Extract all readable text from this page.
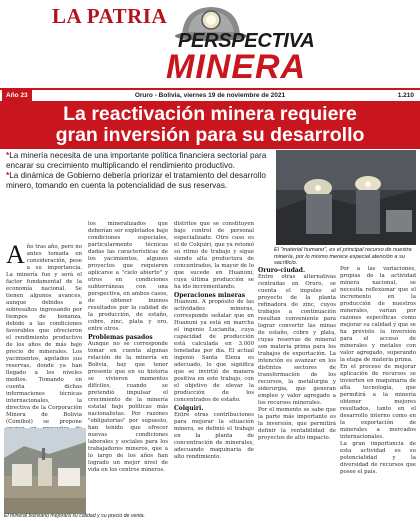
LA PATRIA
PERSPECTIVA
MINERA
Año 23	Oruro - Bolivia, viernes 19 de noviembre de 2021	1.210
La reactivación minera requiere
gran inversión para su desarrollo

*La minería necesita de una importante política financiera sectorial para encarar su crecimiento multiplicando el rendimiento productivo.

*La dinámica de Gobierno debería priorizar el tratamiento del desarrollo minero, tomando en cuenta la potencialidad de sus reservas.

El "material humano", es el principal recurso de nuestra minería, por lo mismo merece especial atención a su sacrificio.
A ño tras año, pero no antes tomada en consideración, pese a su importancia. La minería fue y será el factor fundamental de la economía nacional. Se tienen algunos avances, aunque debidos a sobresaltos ingresando por tiempos de bonanza, debido a las condiciones favorables que ofrecieron el rendimiento productivo de los años de más bajo precio de minerales. Los yacimientos, agotados sus reservas, donde ya han llegado a los niveles medios. Tomando en cuenta dichas informaciones técnicas internacionales, la directiva de la Corporación Minera de Bolivia (Comibol) se propone
los mineralizados que deberían ser explotados bajo condiciones especiales, particularmente técnicas dadas las características de los yacimientos, algunos proyectos que requieren aplicarse a "cielo abierto" y otros en condiciones subterráneas con una perspectiva, en ambos casos, de obtener buenos resultados por la calidad de la producción, de estaño, cobre, zinc, plata y oro, entre otros.
Problemas pasados
Aunque no se corresponde tomar en cuenta algunas relación de la minería en Bolivia, hay que tener presente que en su historia se vivieron momentos difíciles, cuando se pretendió impulsar el crecimiento de la minería estatal bajo políticas más nacionalistas. Por razones "obligatorias" por supuesto, han tenido que ofrecer nuevas condiciones laborales y sociales para los trabajadores mineros, que a lo largo de los años han logrado un mejor nivel de vida en los centros mineros.
distritos que se constituyen bajo control de personal especializado. Otro caso es el de Colquiri, que ya retomó su ritmo de trabajo y sigue siendo alta productora de concentrados, la mayor de lo que sucede en Huanuni, cuya última producción se ha ido incrementando.
Operaciones mineras
Huanuni. A propósito de las actividades mineras, corresponde señalar que en Huanuni ya está en marcha el ingenio Lucianita, cuya capacidad de producción está calculada en 3.000 toneladas por día. El actual ingenio Santa Elena es adecuado, lo que significa que se invirtió de manera positiva en este trabajo, con el objetivo de elevar la producción de los concentrados de estaño.
Colquiri.
Entre otras contribuciones para mejorar la situación minera, se definió el trabajo en la planta de concentración de minerales, adecuando maquinaria de alto rendimiento.
Oruro-ciudad.
Entre otras alternativas centradas en Oruro, se cuenta el impulso al proyecto de la planta refinadora de zinc, cuyos trabajos a continuación resultan conveniente para lograr convertir las minas de estaño, cobre y plata, cuyas reservas de mineral son materia prima para los trabajos de exportación. La intención es avanzar en los distintos sectores de transformación de los recursos, la metalurgia y siderurgia, que generan empleo y valor agregado a los recursos minerales.
Por el momento se sabe que la parte más importante es la inversión, que permitirá definir la rentabilidad de proyectos de alto impacto.
Por a las variaciones, propias de la actividad minera nacional, se necesita reflexionar que el incremento en la producción de nuestros minerales, varían por razones específicas como mejorar su calidad y que se ha previsto la inversión para el acceso de minerales y metales con valor agregado, superando la etapa de materia prima.
En el proceso de mejorar aplicación de recursos se invierten en maquinaria de alta tecnología, que permitirá a la minería obtener mejores resultados, tanto en el desarrollo interno como en la exportación de minerales a mercados internacionales.
La gran importancia de esta actividad es su potencialidad y la diversidad de recursos que posee el país.
El mineral boliviano mejorará su calidad y su precio de venta.
